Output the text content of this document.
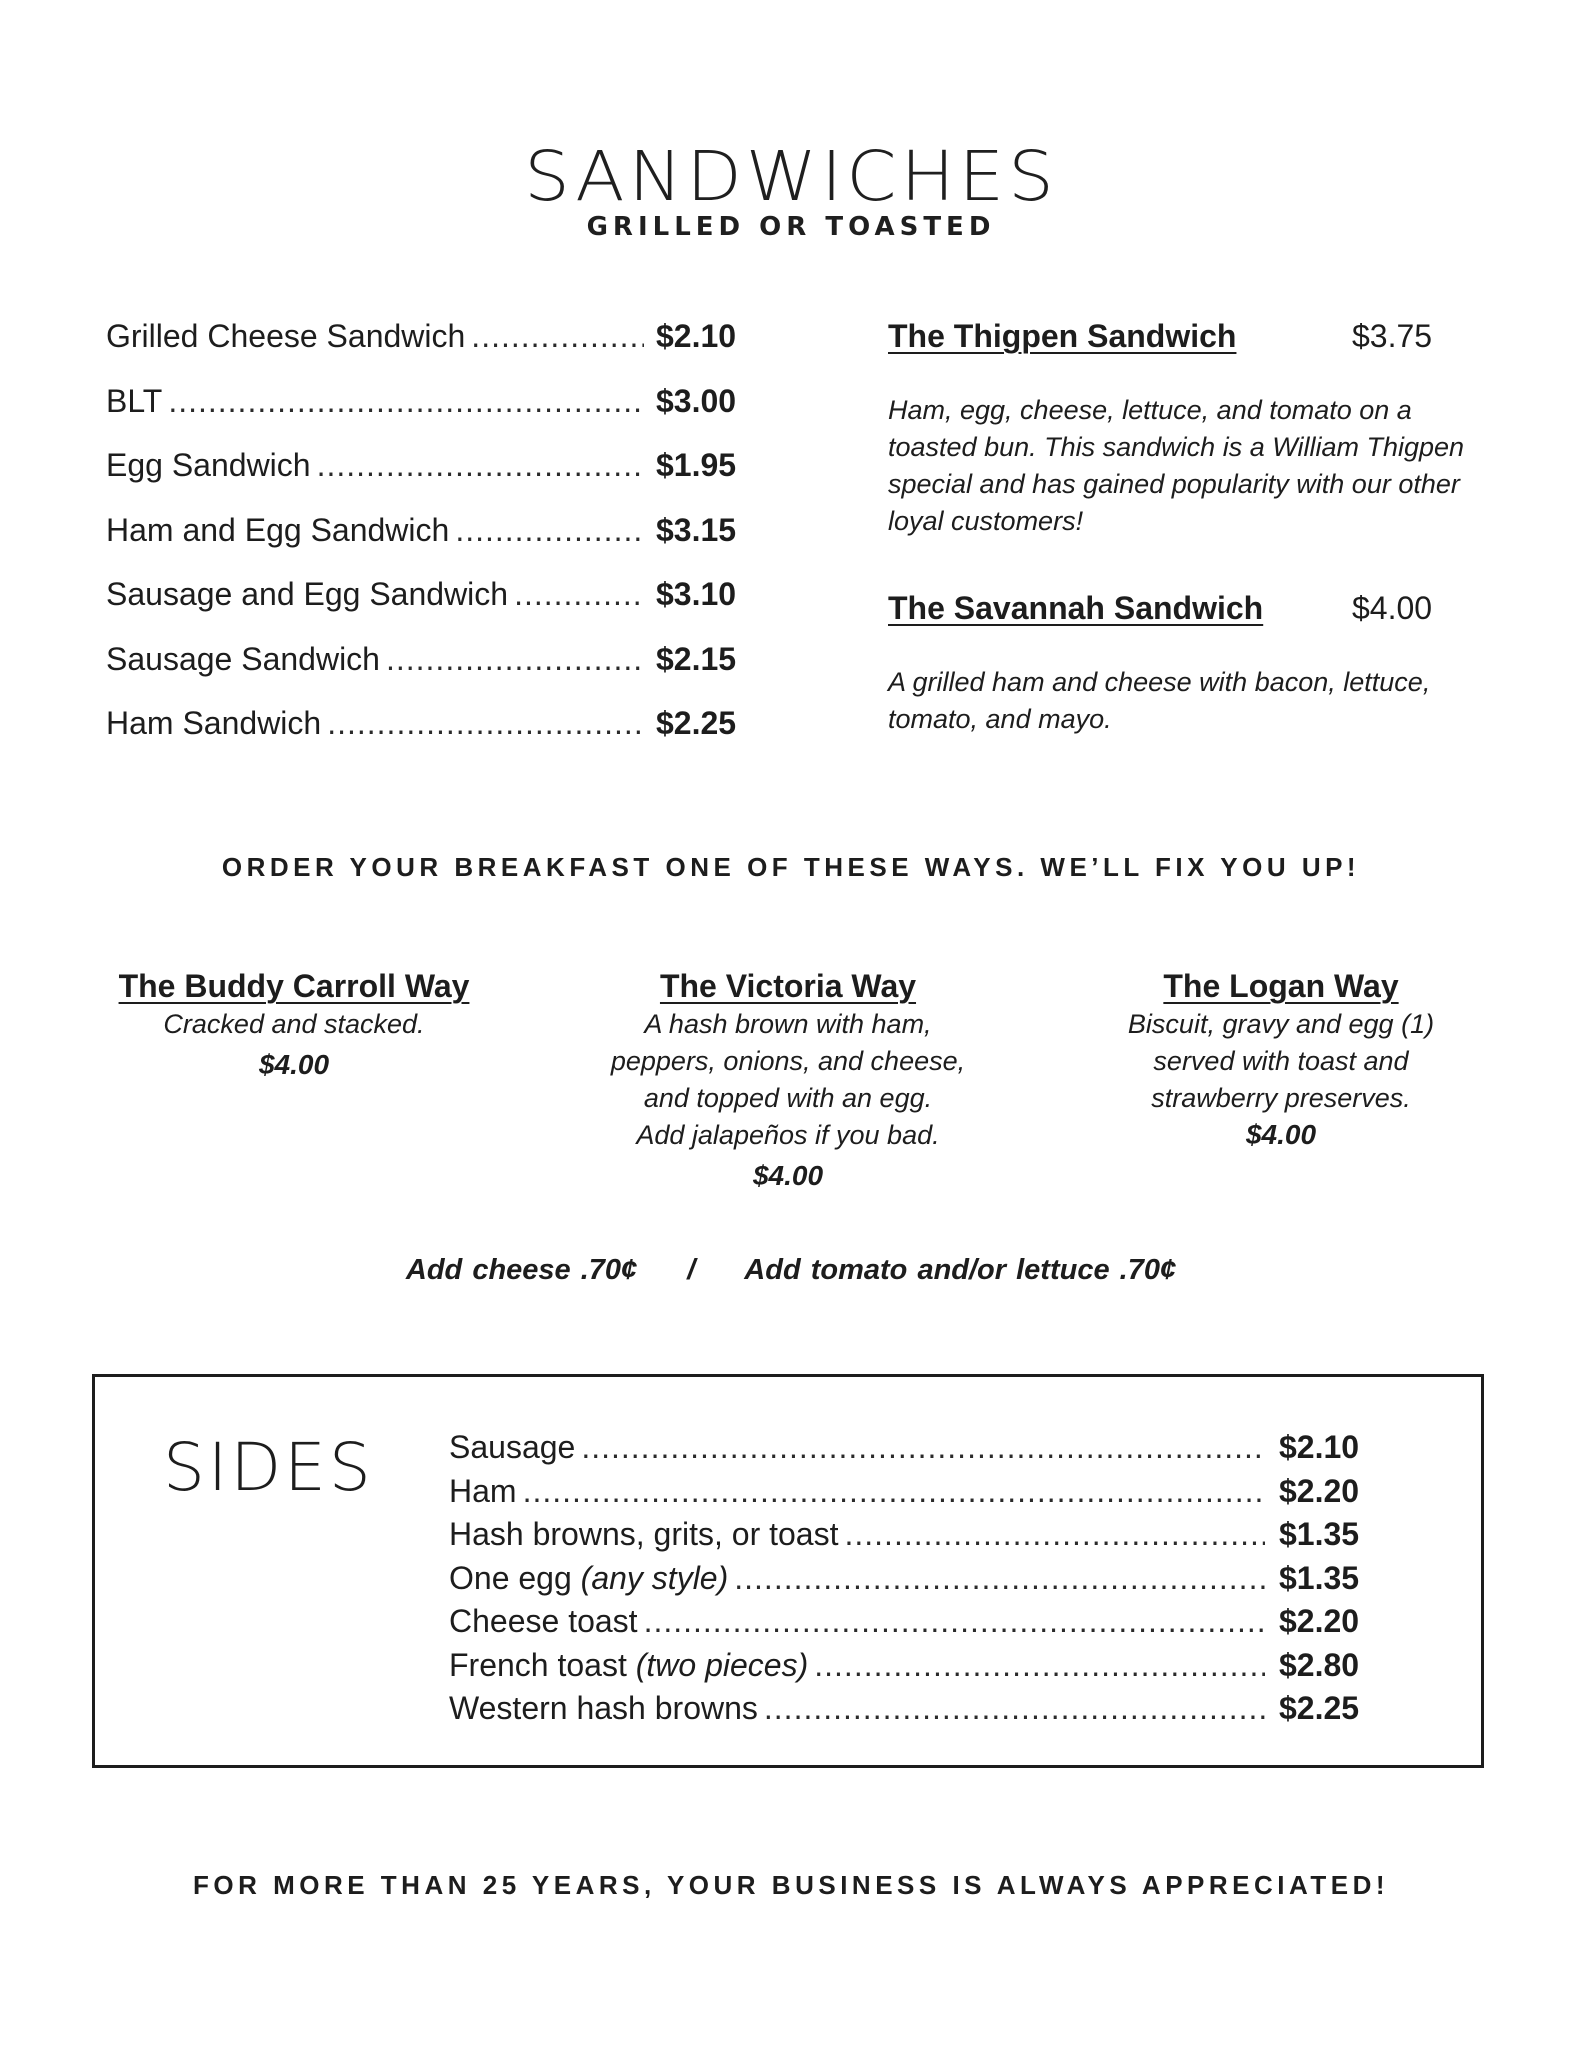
SANDWICHES
GRILLED OR TOASTED
Grilled Cheese Sandwich .....	$2.10
BLT .....	$3.00
Egg Sandwich .....	$1.95
Ham and Egg Sandwich .....	$3.15
Sausage and Egg Sandwich .....	$3.10
Sausage Sandwich .....	$2.15
Ham Sandwich .....	$2.25
The Thigpen Sandwich	$3.75

Ham, egg, cheese, lettuce, and tomato on a toasted bun. This sandwich is a William Thigpen special and has gained popularity with our other loyal customers!

The Savannah Sandwich	$4.00

A grilled ham and cheese with bacon, lettuce, tomato, and mayo.

ORDER YOUR BREAKFAST ONE OF THESE WAYS. WE’LL FIX YOU UP!
The Buddy Carroll Way
Cracked and stacked.
$4.00
The Victoria Way
A hash brown with ham,
peppers, onions, and cheese,
and topped with an egg.
Add jalapeños if you bad.
$4.00
The Logan Way
Biscuit, gravy and egg (1)
served with toast and
strawberry preserves.
$4.00
Add cheese .70¢ / Add tomato and/or lettuce .70¢
SIDES Sausage .....	$2.10
Ham .....	$2.20
Hash browns, grits, or toast .....	$1.35
One egg (any style) .....	$1.35
Cheese toast .....	$2.20
French toast (two pieces) .....	$2.80
Western hash browns .....	$2.25
FOR MORE THAN 25 YEARS, YOUR BUSINESS IS ALWAYS APPRECIATED!
